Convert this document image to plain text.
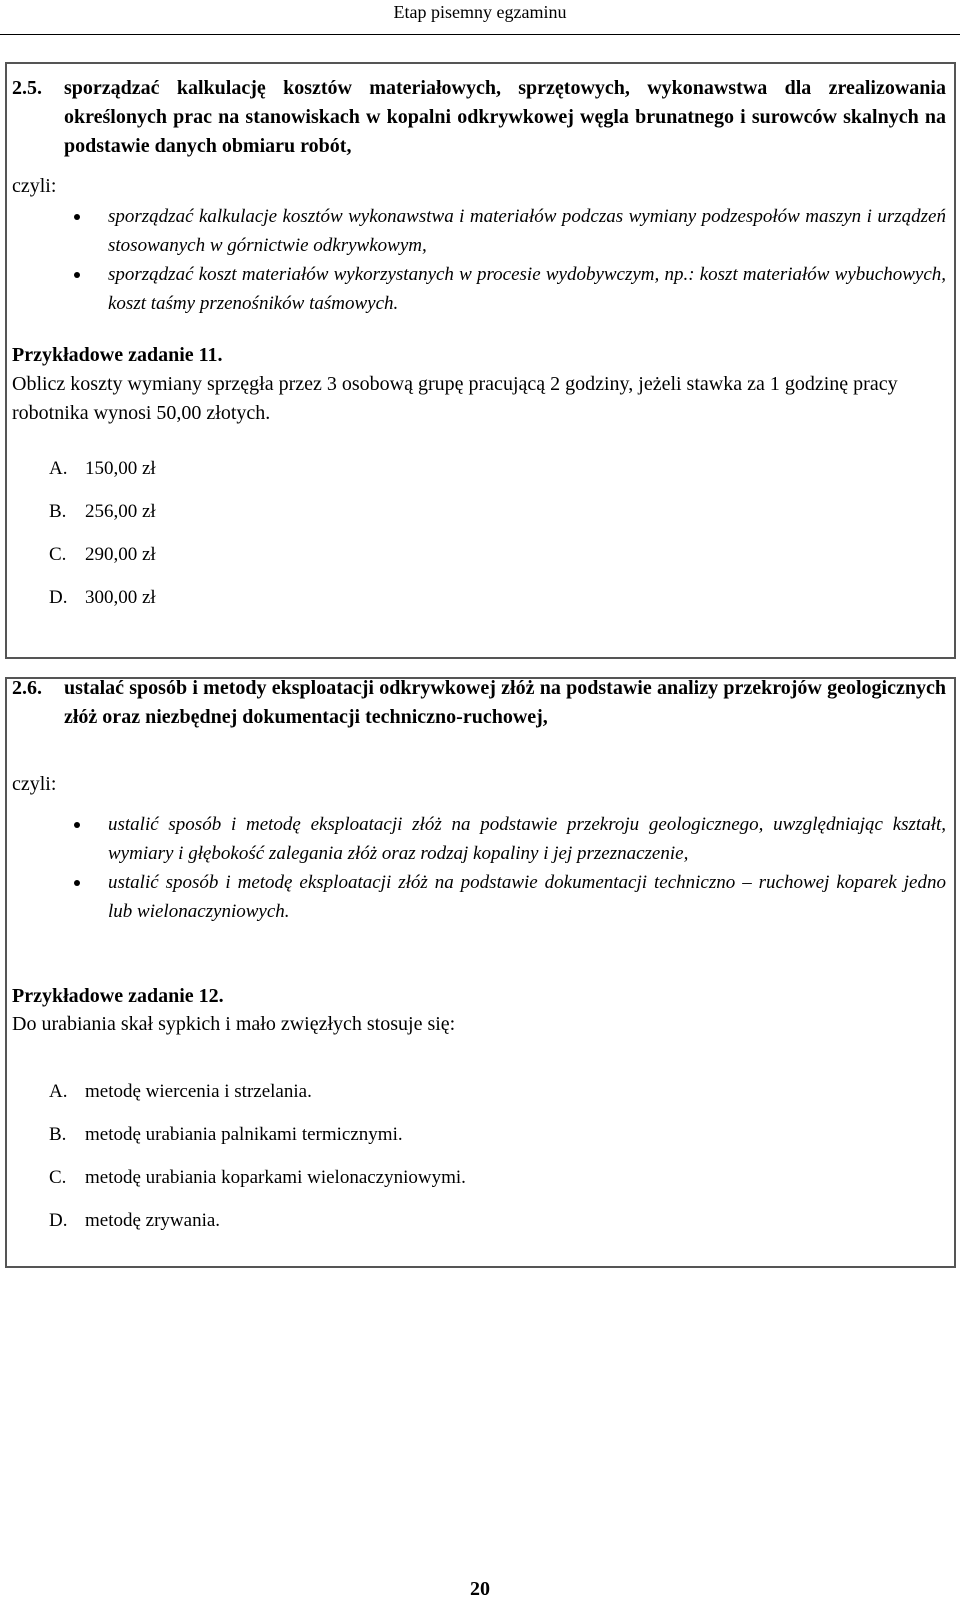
Etap pisemny egzaminu
2.5. sporządzać kalkulację kosztów materiałowych, sprzętowych, wykonawstwa dla zrealizowania określonych prac na stanowiskach w kopalni odkrywkowej węgla brunatnego i surowców skalnych na podstawie danych obmiaru robót,
czyli:
sporządzać kalkulacje kosztów wykonawstwa i materiałów podczas wymiany podzespołów maszyn i urządzeń stosowanych w górnictwie odkrywkowym,
sporządzać koszt materiałów wykorzystanych w procesie wydobywczym, np.: koszt materiałów wybuchowych, koszt taśmy przenośników taśmowych.
Przykładowe zadanie 11.
Oblicz koszty wymiany sprzęgła przez 3 osobową grupę pracującą 2 godziny, jeżeli stawka za 1 godzinę pracy robotnika wynosi 50,00 złotych.
A. 150,00 zł
B. 256,00 zł
C. 290,00 zł
D. 300,00 zł
2.6. ustalać sposób i metody eksploatacji odkrywkowej złóż na podstawie analizy przekrojów geologicznych złóż oraz niezbędnej dokumentacji techniczno-ruchowej,
czyli:
ustalić sposób i metodę eksploatacji złóż na podstawie przekroju geologicznego, uwzględniając kształt, wymiary i głębokość zalegania złóż oraz rodzaj kopaliny i jej przeznaczenie,
ustalić sposób i metodę eksploatacji złóż na podstawie dokumentacji techniczno – ruchowej koparek jedno lub wielonaczyniowych.
Przykładowe zadanie 12.
Do urabiania skał sypkich i mało zwięzłych stosuje się:
A. metodę wiercenia i strzelania.
B. metodę urabiania palnikami termicznymi.
C. metodę urabiania koparkami wielonaczyniowymi.
D. metodę zrywania.
20
